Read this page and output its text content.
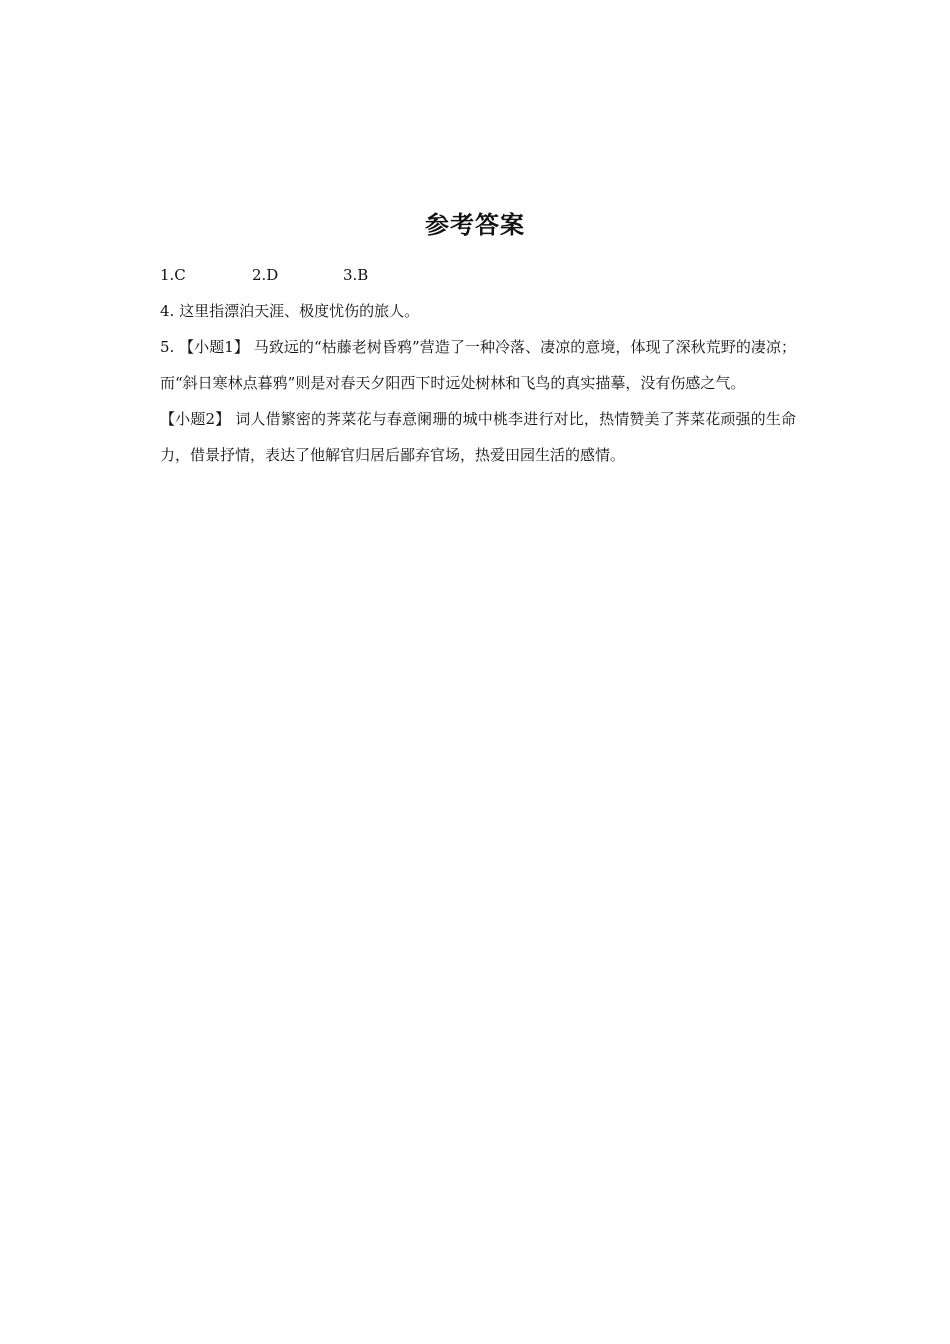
参考答案
1.C	2.D	3.B
4. 这里指漂泊天涯、极度忧伤的旅人。
5. 【小题1】 马致远的“枯藤老树昏鸦”营造了一种冷落、凄凉的意境，体现了深秋荒野的凄凉；而“斜日寒林点暮鸦”则是对春天夕阳西下时远处树林和飞鸟的真实描摹，没有伤感之气。
【小题2】 词人借繁密的荠菜花与春意阑珊的城中桃李进行对比，热情赞美了荠菜花顽强的生命力，借景抒情，表达了他解官归居后鄙弃官场，热爱田园生活的感情。
